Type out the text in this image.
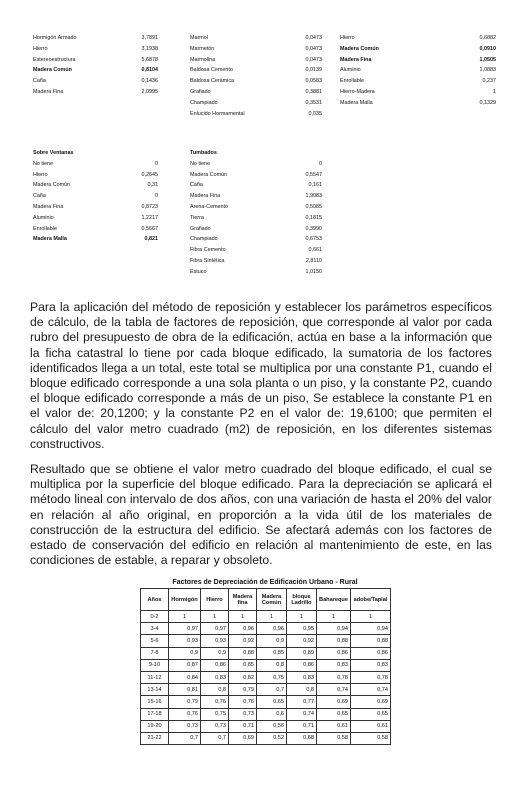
Hormigón Armado	3,7891
Hierro	3,1938
Estereoestructura	5,6878
Madera Común	0,8104
Caña	0,1436
Madera Fina	2,0995
Marmol	0,0473
Marmetón	0,0473
Marmolina	0,0473
Baldosa Cemento	0,0139
Baldosa Cerámica	0,0583
Grafiado	0,3881
Champiado	0,3531
Enlucido Hormamental	0,035
Hierro	0,6882
Madera Común	0,0910
Madera Fina	1,0505
Aluminio	1,0883
Enrollable	0,237
Hierro-Madera	1
Madera Malla	0,1329
Sobre Ventanas
No tiene	0
Hierro	0,2645
Madera Común	0,31
Caña	0
Madera Fina	0,8723
Aluminio	1,2217
Enrollable	0,5667
Madera Malla	0,821
Tumbados
No tiene	0
Madera Común	0,5547
Caña	0,161
Madera Fina	1,9083
Arena-Cemento	0,5085
Tierra	0,1815
Grafiado	0,3990
Champiado	0,6753
Fibra Cemento	0,661
Fibra Sintética	2,8110
Estuco	1,0150
Para la aplicación del método de reposición y establecer los parámetros específicos de cálculo, de la tabla de factores de reposición, que corresponde al valor por cada rubro del presupuesto de obra de la edificación, actúa en base a la información que la ficha catastral lo tiene por cada bloque edificado, la sumatoria de los factores identificados llega a un total, este total se multiplica por una constante P1, cuando el bloque edificado corresponde a una sola planta o un piso, y la constante P2, cuando el bloque edificado corresponde a más de un piso, Se establece la constante P1 en el valor de: 20,1200; y la constante P2 en el valor de: 19,6100; que permiten el cálculo del valor metro cuadrado (m2) de reposición, en los diferentes sistemas constructivos.
Resultado que se obtiene el valor metro cuadrado del bloque edificado, el cual se multiplica por la superficie del bloque edificado. Para la depreciación se aplicará el método lineal con intervalo de dos años, con una variación de hasta el 20% del valor en relación al año original, en proporción a la vida útil de los materiales de construcción de la estructura del edificio. Se afectará además con los factores de estado de conservación del edificio en relación al mantenimiento de este, en las condiciones de estable, a reparar y obsoleto.
Factores de Depreciación de Edificación Urbano - Rural
Años	Hormigón	Hierro	Madera fina	Madera Común	bloque Ladrillo	Bahareque	adobe/Tapial
0-2	1	1	1	1	1	1	1
3-4	0,97	0,97	0,96	0,96	0,95	0,94	0,94
5-6	0,93	0,93	0,92	0,9	0,92	0,88	0,88
7-8	0,9	0,9	0,88	0,85	0,89	0,86	0,86
9-10	0,87	0,86	0,85	0,8	0,86	0,83	0,83
11-12	0,84	0,83	0,82	0,75	0,83	0,78	0,78
13-14	0,81	0,8	0,79	0,7	0,8	0,74	0,74
15-16	0,79	0,76	0,76	0,65	0,77	0,69	0,69
17-18	0,76	0,75	0,73	0,6	0,74	0,65	0,65
19-20	0,73	0,73	0,71	0,56	0,71	0,61	0,61
21-22	0,7	0,7	0,69	0,52	0,68	0,58	0,58
